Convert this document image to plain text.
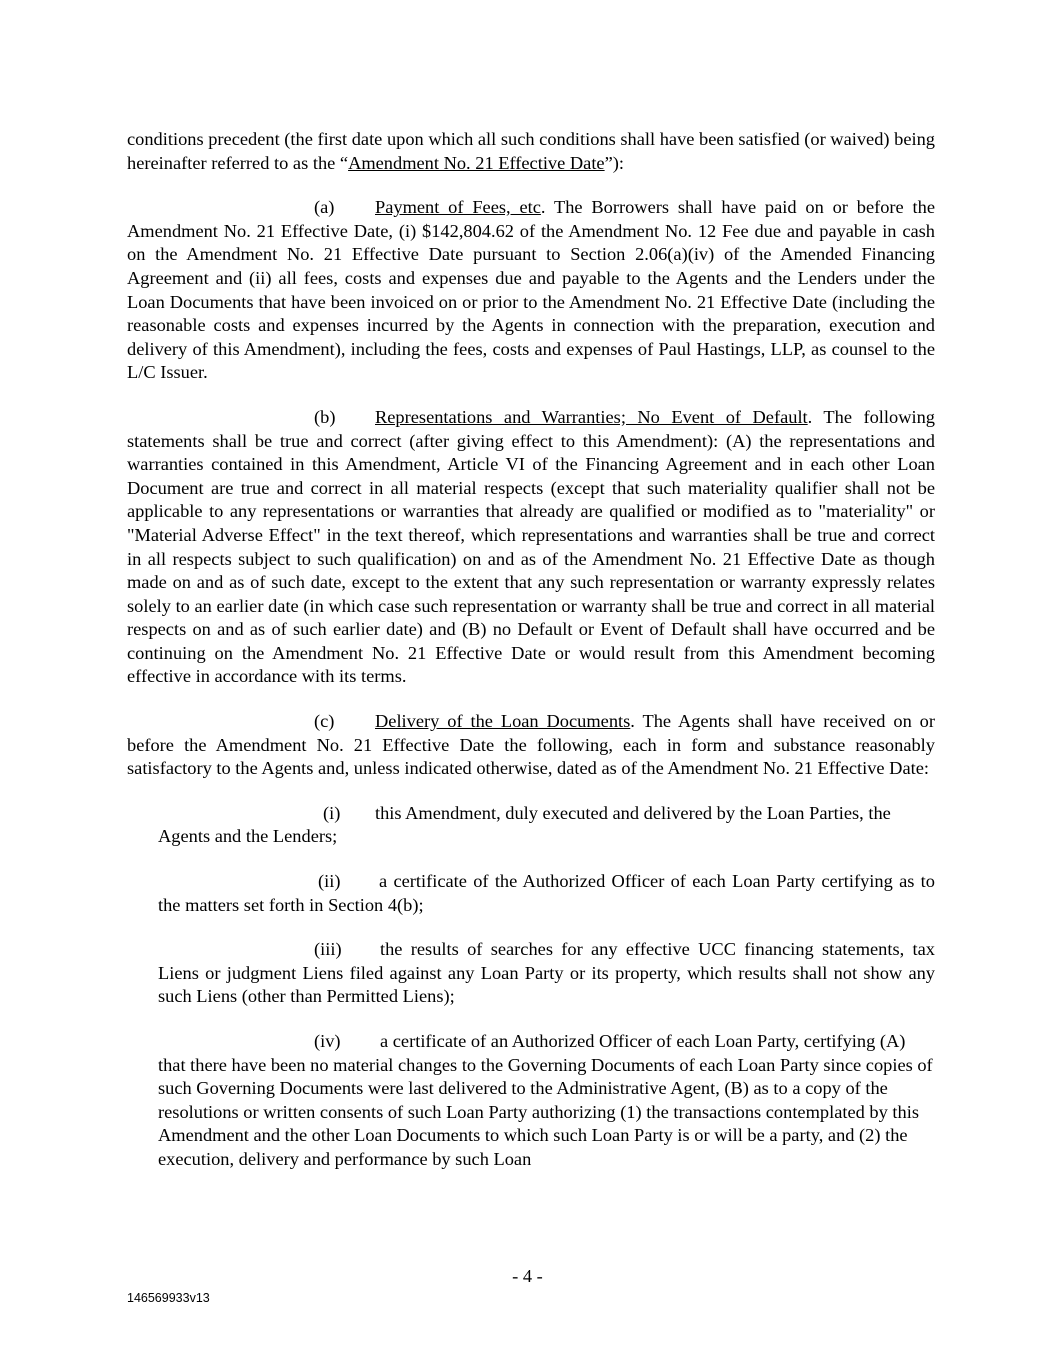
conditions precedent (the first date upon which all such conditions shall have been satisfied (or waived) being hereinafter referred to as the “Amendment No. 21 Effective Date”):

(a) Payment of Fees, etc. The Borrowers shall have paid on or before the Amendment No. 21 Effective Date, (i) $142,804.62 of the Amendment No. 12 Fee due and payable in cash on the Amendment No. 21 Effective Date pursuant to Section 2.06(a)(iv) of the Amended Financing Agreement and (ii) all fees, costs and expenses due and payable to the Agents and the Lenders under the Loan Documents that have been invoiced on or prior to the Amendment No. 21 Effective Date (including the reasonable costs and expenses incurred by the Agents in connection with the preparation, execution and delivery of this Amendment), including the fees, costs and expenses of Paul Hastings, LLP, as counsel to the L/C Issuer.

(b) Representations and Warranties; No Event of Default. The following statements shall be true and correct (after giving effect to this Amendment): (A) the representations and warranties contained in this Amendment, Article VI of the Financing Agreement and in each other Loan Document are true and correct in all material respects (except that such materiality qualifier shall not be applicable to any representations or warranties that already are qualified or modified as to "materiality" or "Material Adverse Effect" in the text thereof, which representations and warranties shall be true and correct in all respects subject to such qualification) on and as of the Amendment No. 21 Effective Date as though made on and as of such date, except to the extent that any such representation or warranty expressly relates solely to an earlier date (in which case such representation or warranty shall be true and correct in all material respects on and as of such earlier date) and (B) no Default or Event of Default shall have occurred and be continuing on the Amendment No. 21 Effective Date or would result from this Amendment becoming effective in accordance with its terms.

(c) Delivery of the Loan Documents. The Agents shall have received on or before the Amendment No. 21 Effective Date the following, each in form and substance reasonably satisfactory to the Agents and, unless indicated otherwise, dated as of the Amendment No. 21 Effective Date:

(i) this Amendment, duly executed and delivered by the Loan Parties, the Agents and the Lenders;

(ii) a certificate of the Authorized Officer of each Loan Party certifying as to the matters set forth in Section 4(b);

(iii) the results of searches for any effective UCC financing statements, tax Liens or judgment Liens filed against any Loan Party or its property, which results shall not show any such Liens (other than Permitted Liens);

(iv) a certificate of an Authorized Officer of each Loan Party, certifying (A) that there have been no material changes to the Governing Documents of each Loan Party since copies of such Governing Documents were last delivered to the Administrative Agent, (B) as to a copy of the resolutions or written consents of such Loan Party authorizing (1) the transactions contemplated by this Amendment and the other Loan Documents to which such Loan Party is or will be a party, and (2) the execution, delivery and performance by such Loan

- 4 -
146569933v13
